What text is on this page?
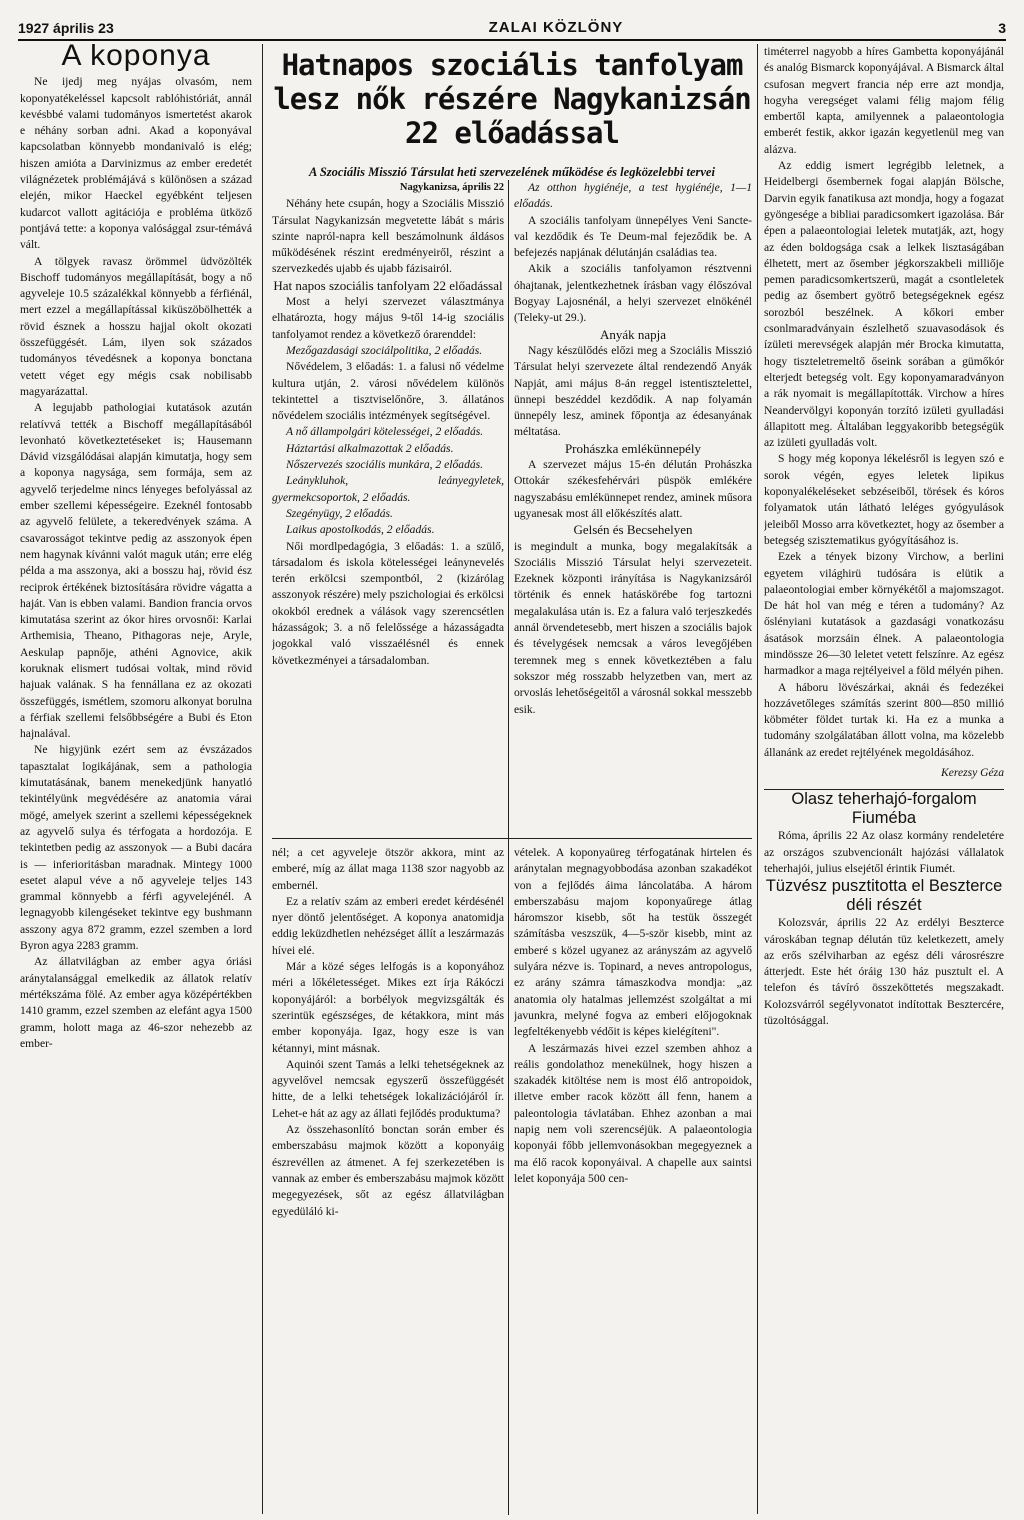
1927 április 23	ZALAI KÖZLÖNY	3
A koponya

Ne ijedj meg nyájas olvasóm, nem koponyatékeléssel kapcsolt rablóhistóriát, annál kevésbbé valami tudományos ismertetést akarok e néhány sorban adni. Akad a koponyával kapcsolatban könnyebb mondanivaló is elég; hiszen amióta a Darvinizmus az ember eredetét világnézetek problémájává s különösen a század elején, mikor Haeckel egyébként teljesen kudarcot vallott agitációja e probléma ütköző pontjává tette: a koponya valósággal zsur-témává vált.

A tölgyek ravasz örömmel üdvözölték Bischoff tudományos megállapítását, bogy a nő agyveleje 10.5 százalékkal könnyebb a férfiénál, mert ezzel a megállapítással kiküszöbölhették a rövid észnek a hosszu hajjal okolt okozati összefüggését. Lám, ilyen sok százados tudományos tévedésnek a koponya bonctana vetett véget egy mégis csak nobilisabb magyarázattal.

A legujabb pathologiai kutatások azután relatívvá tették a Bischoff megállapításából levonható következtetéseket is; Hausemann Dávid vizsgálódásai alapján kimutatja, hogy sem a koponya nagysága, sem formája, sem az agyvelő terjedelme nincs lényeges befolyással az ember szellemi képességeire. Ezeknél fontosabb az agyvelő felülete, a tekeredvények száma. A csavarosságot tekintve pedig az asszonyok épen nem hagynak kívánni valót maguk után; erre elég példa a ma asszonya, aki a bosszu haj, rövid ész reciprok értékének biztosítására rövidre vágatta a haját. Van is ebben valami. Bandion francia orvos kimutatása szerint az ókor hires orvosnői: Karlai Arthemisia, Theano, Pithagoras neje, Aryle, Aeskulap papnője, athéni Agnovice, akik koruknak elismert tudósai voltak, mind rövid hajuak valának. S ha fennállana ez az okozati összefüggés, ismétlem, szomoru alkonyat borulna a férfiak szellemi felsőbbségére a Bubi és Eton hajnalával.

Ne higyjünk ezért sem az évszázados tapasztalat logikájának, sem a pathologia kimutatásának, banem menekedjünk hanyatló tekintélyünk megvédésére az anatomia várai mögé, amelyek szerint a szellemi képességeknek az agyvelő sulya és térfogata a hordozója. E tekintetben pedig az asszonyok — a Bubi dacára is — inferioritásban maradnak. Mintegy 1000 esetet alapul véve a nő agyveleje teljes 143 grammal könnyebb a férfi agyvelejénél. A legnagyobb kilengéseket tekintve egy bushmann asszony agya 872 gramm, ezzel szemben a lord Byron agya 2283 gramm.

Az állatvilágban az ember agya óriási aránytalansággal emelkedik az állatok relatív mértékszáma fölé. Az ember agya középértékben 1410 gramm, ezzel szemben az elefánt agya 1500 gramm, holott maga az 46-szor nehezebb az ember-

Hatnapos szociális tanfolyam lesz nők részére Nagykanizsán 22 előadással
A Szociális Misszió Társulat heti szervezelének működése és legközelebbi tervei

Nagykanizsa, április 22

Néhány hete csupán, hogy a Szociális Misszió Társulat Nagykanizsán megvetette lábát s máris szinte napról-napra kell beszámolnunk áldásos működésének részint eredményeiről, részint a szervezkedés ujabb és ujabb fázisairól.

Hat napos szociális tanfolyam 22 előadással

Most a helyi szervezet választmánya elhatározta, hogy május 9-től 14-ig szociális tanfolyamot rendez a következő órarenddel:

Mezőgazdasági szociálpolitika, 2 előadás.

Nővédelem, 3 előadás: 1. a falusi nő védelme kultura utján, 2. városi nővédelem különös tekintettel a tisztviselőnőre, 3. állatános nővédelem szociális intézmények segítségével.

A nő állampolgári kötelességei, 2 előadás.

Háztartási alkalmazottak 2 előadás.

Nőszervezés szociális munkára, 2 előadás.

Leánykluhok, leányegyletek, gyermekcsoportok, 2 előadás.

Szegényügy, 2 előadás.

Laikus apostolkodás, 2 előadás.

Női mordlpedagógia, 3 előadás: 1. a szülő, társadalom és iskola kötelességei leánynevelés terén erkölcsi szempontból, 2 (kizárólag asszonyok részére) mely pszichologiai és erkölcsi okokból erednek a válások vagy szerencsétlen házasságok; 3. a nő felelőssége a házasságadta jogokkal való visszaélésnél és ennek következményei a társadalomban.

Az otthon hygiénéje, a test hygiénéje, 1—1 előadás.

A szociális tanfolyam ünnepélyes Veni Sancte-val kezdődik és Te Deum-mal fejeződik be. A befejezés napjának délutánján családias tea.

Akik a szociális tanfolyamon résztvenni óhajtanak, jelentkezhetnek írásban vagy élőszóval Bogyay Lajosnénál, a helyi szervezet elnökénél (Teleky-ut 29.).

Anyák napja

Nagy készülődés előzi meg a Szociális Misszió Társulat helyi szervezete által rendezendő Anyák Napját, ami május 8-án reggel istentisztelettel, ünnepi beszéddel kezdődik. A nap folyamán ünnepély lesz, aminek főpontja az édesanyának méltatása.

Prohászka emlékünnepély

A szervezet május 15-én délután Prohászka Ottokár székesfehérvári püspök emlékére nagyszabásu emlékünnepet rendez, aminek műsora ugyanesak most áll előkészítés alatt.

Gelsén és Becsehelyen

is megindult a munka, bogy megalakítsák a Szociális Misszió Társulat helyi szervezeteit. Ezeknek központi irányítása is Nagykanizsáról történik és ennek hatáskörébe fog tartozni megalakulása után is. Ez a falura való terjeszkedés annál örvendetesebb, mert hiszen a szociális bajok és tévelygések nemcsak a város levegőjében teremnek meg s ennek következtében a falu sokszor még rosszabb helyzetben van, mert az orvoslás lehetőségeitől a városnál sokkal messzebb esik.

nél; a cet agyveleje ötször akkora, mint az emberé, míg az állat maga 1138 szor nagyobb az embernél.

Ez a relatív szám az emberi eredet kérdésénél nyer döntő jelentőséget. A koponya anatomidja eddig leküzdhetlen nehézséget állít a leszármazás hívei elé.

Már a közé séges lelfogás is a koponyához méri a lőkéletességet. Mikes ezt írja Rákóczi koponyájáról: a borbélyok megvizsgálták és szerintük egészséges, de kétakkora, mint más ember koponyája. Igaz, hogy esze is van kétannyi, mint másnak.

Aquinói szent Tamás a lelki tehetségeknek az agyvelővel nemcsak egyszerű összefüggését hitte, de a lelki tehetségek lokalizációjáról ír. Lehet-e hát az agy az állati fejlődés produktuma?

Az összehasonlító bonctan során ember és emberszabásu majmok között a koponyáig észrevéllen az átmenet. A fej szerkezetében is vannak az ember és emberszabásu majmok között megegyezések, sőt az egész állatvilágban egyedüláló ki-

vételek. A koponyaüreg térfogatának hirtelen és aránytalan megnagyobbodása azonban szakadékot von a fejlődés áima láncolatába. A három emberszabásu majom koponyaűrege átlag háromszor kisebb, sőt ha testük összegét számításba veszszük, 4—5-ször kisebb, mint az emberé s közel ugyanez az arányszám az agyvelő sulyára nézve is. Topinard, a neves antropologus, ez arány számra támaszkodva mondja: „az anatomia oly hatalmas jellemzést szolgáltat a mi javunkra, melyné fogva az emberi előjogoknak legfeltékenyebb védőit is képes kielégíteni".

A leszármazás hivei ezzel szemben ahhoz a reális gondolathoz menekülnek, hogy hiszen a szakadék kitöltése nem is most élő antropoidok, illetve ember racok között áll fenn, hanem a paleontologia távlatában. Ehhez azonban a mai napig nem voli szerencséjük. A palaeontologia koponyái főbb jellemvonásokban megegyeznek a ma élő racok koponyáival. A chapelle aux saintsi lelet koponyája 500 cen-

timéterrel nagyobb a híres Gambetta koponyájánál és analóg Bismarck koponyájával. A Bismarck által csufosan megvert francia nép erre azt mondja, hogyha veregséget valami félig majom félig embertől kapta, amilyennek a palaeontologia emberét festik, akkor igazán kegyetlenül meg van alázva.

Az eddig ismert legrégibb leletnek, a Heidelbergi ősembernek fogai alapján Bölsche, Darvin egyik fanatikusa azt mondja, hogy a fogazat gyöngesége a bibliai paradicsomkert igazolása. Bár épen a palaeontologiai leletek mutatják, azt, hogy az éden boldogsága csak a lelkek lisztaságában élhetett, mert az ősember jégkorszakbeli milliője pemen paradicsomkertszerü, magát a csontleletek pedig az ősembert gyötrő betegségeknek egész sorozból beszélnek. A kőkori ember csonlmaradványain észlelhető szuavasodások és ízületi merevségek alapján mér Brocka kimutatta, hogy tiszteletremeltő őseink sorában a gümőkór elterjedt betegség volt. Egy koponyamaradványon a rák nyomait is megállapították. Virchow a híres Neandervölgyi koponyán torzító izületi gyulladási állapitott meg. Általában leggyakoribb betegségük az izületi gyulladás volt.

S hogy még koponya lékelésről is legyen szó e sorok végén, egyes leletek lipikus koponyalékeléseket sebzéseiből, törések és kóros folyamatok után látható leléges gyógyulások jeleiből Mosso arra következtet, hogy az ősember a betegség szisztematikus gyógyításához is.

Ezek a tények bizony Virchow, a berlini egyetem világhirü tudósára is elütik a palaeontologiai ember környékétől a majomszagot. De hát hol van még e téren a tudomány? Az őslényiani kutatások a gazdasági vonatkozásu ásatások morzsáin élnek. A palaeontologia mindössze 26—30 leletet vetett felszínre. Az egész harmadkor a maga rejtélyeivel a föld mélyén pihen.

A háboru lövészárkai, aknái és fedezékei hozzávetőleges számítás szerint 800—850 millió köbméter földet turtak ki. Ha ez a munka a tudomány szolgálatában állott volna, ma közelebb állanánk az eredet rejtélyének megoldásához.

Kerezsy Géza

Olasz teherhajó-forgalom Fiuméba

Róma, április 22 Az olasz kormány rendeletére az országos szubvencionált hajózási vállalatok teherhajói, julius elsejétől érintik Fiumét.

Tüzvész pusztitotta el Beszterce déli részét

Kolozsvár, április 22 Az erdélyi Beszterce városkában tegnap délután tüz keletkezett, amely az erős szélviharban az egész déli városrészre átterjedt. Este hét óráig 130 ház pusztult el. A telefon és távíró összeköttetés megszakadt. Kolozsvárról segélyvonatot indítottak Besztercére, tüzoltósággal.
